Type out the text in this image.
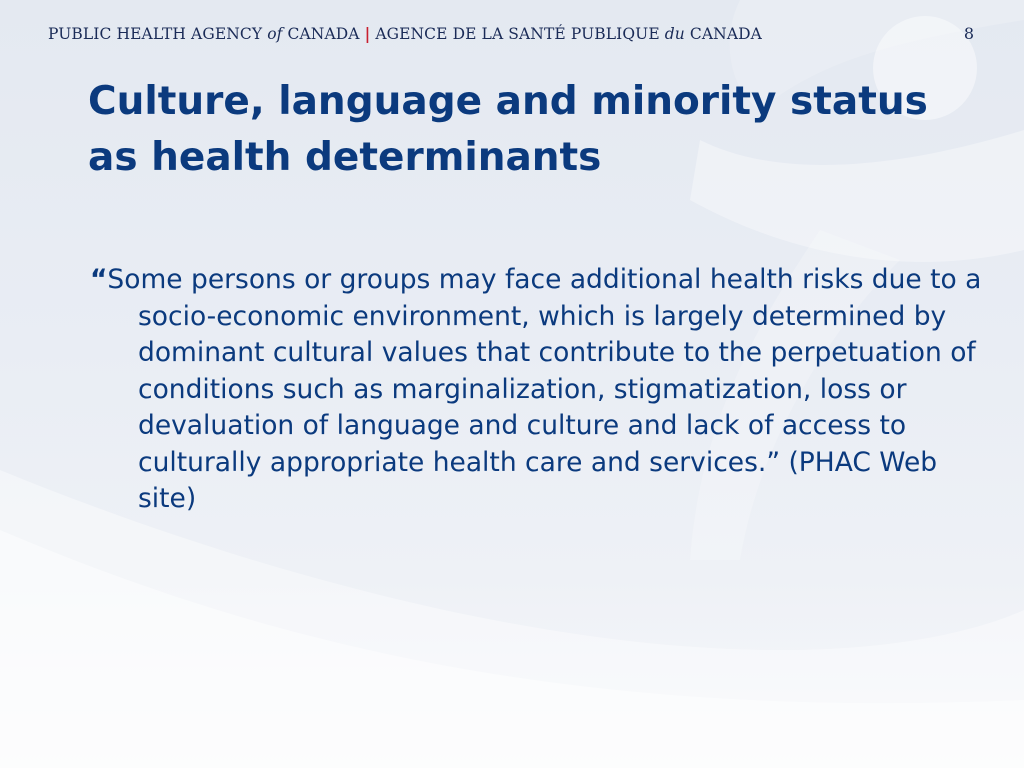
PUBLIC HEALTH AGENCY of CANADA | AGENCE DE LA SANTÉ PUBLIQUE du CANADA	8
Culture, language and minority status as health determinants

“Some persons or groups may face additional health risks due to a socio-economic environment, which is largely determined by dominant cultural values that contribute to the perpetuation of conditions such as marginalization, stigmatization, loss or devaluation of language and culture and lack of access to culturally appropriate health care and services.” (PHAC Web site)
